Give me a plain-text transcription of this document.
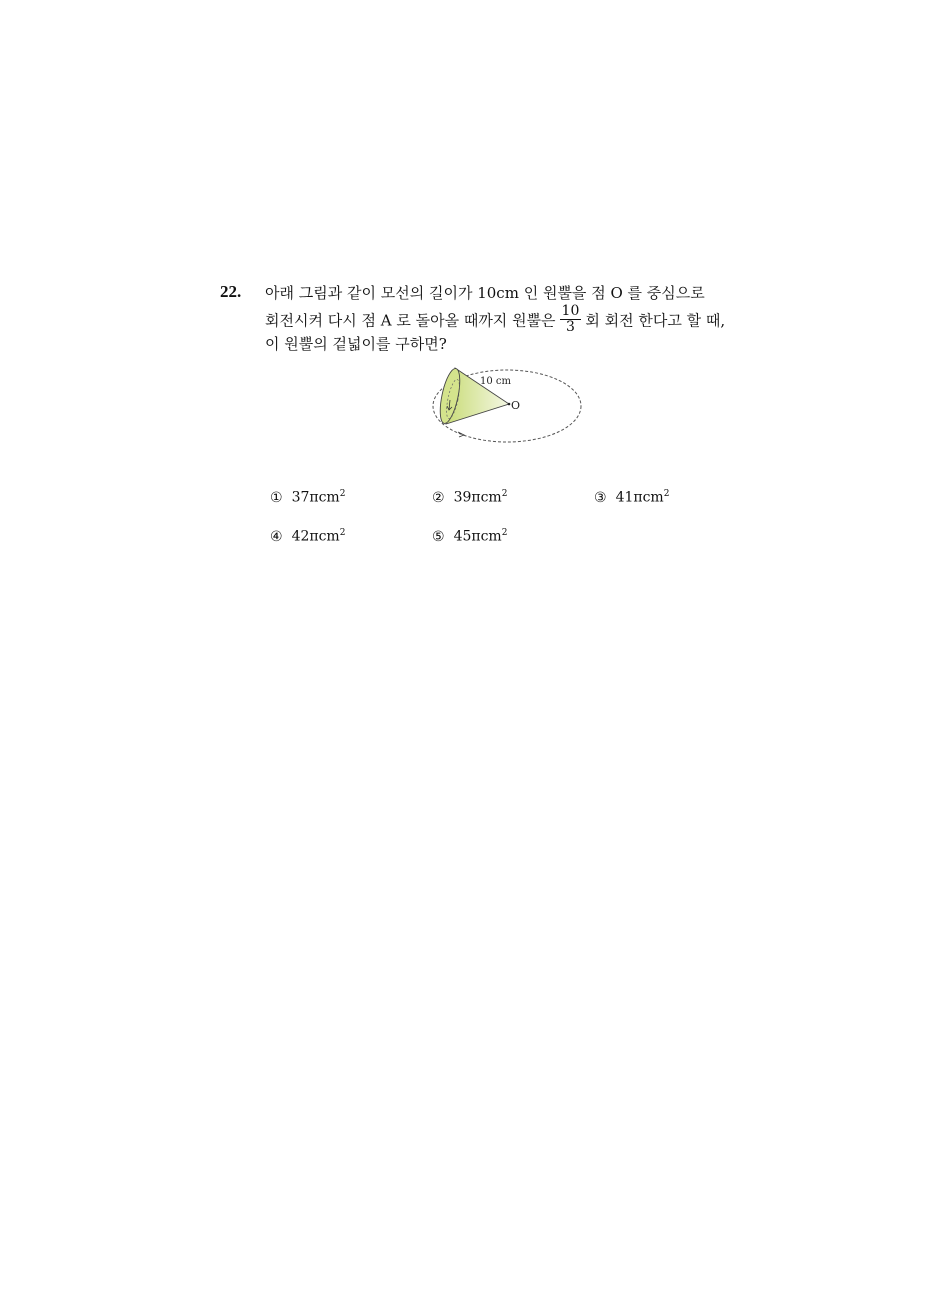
22. 아래 그림과 같이 모선의 길이가 10cm 인 원뿔을 점 O 를 중심으로
회전시켜 다시 점 A 로 돌아올 때까지 원뿔은 $\frac{10}{3}$ 회 회전 한다고 할 때,
이 원뿔의 겉넓이를 구하면?
10 cm
O
① 37πcm$^2$	② 39πcm$^2$	③ 41πcm$^2$
④ 42πcm$^2$	⑤ 45πcm$^2$
